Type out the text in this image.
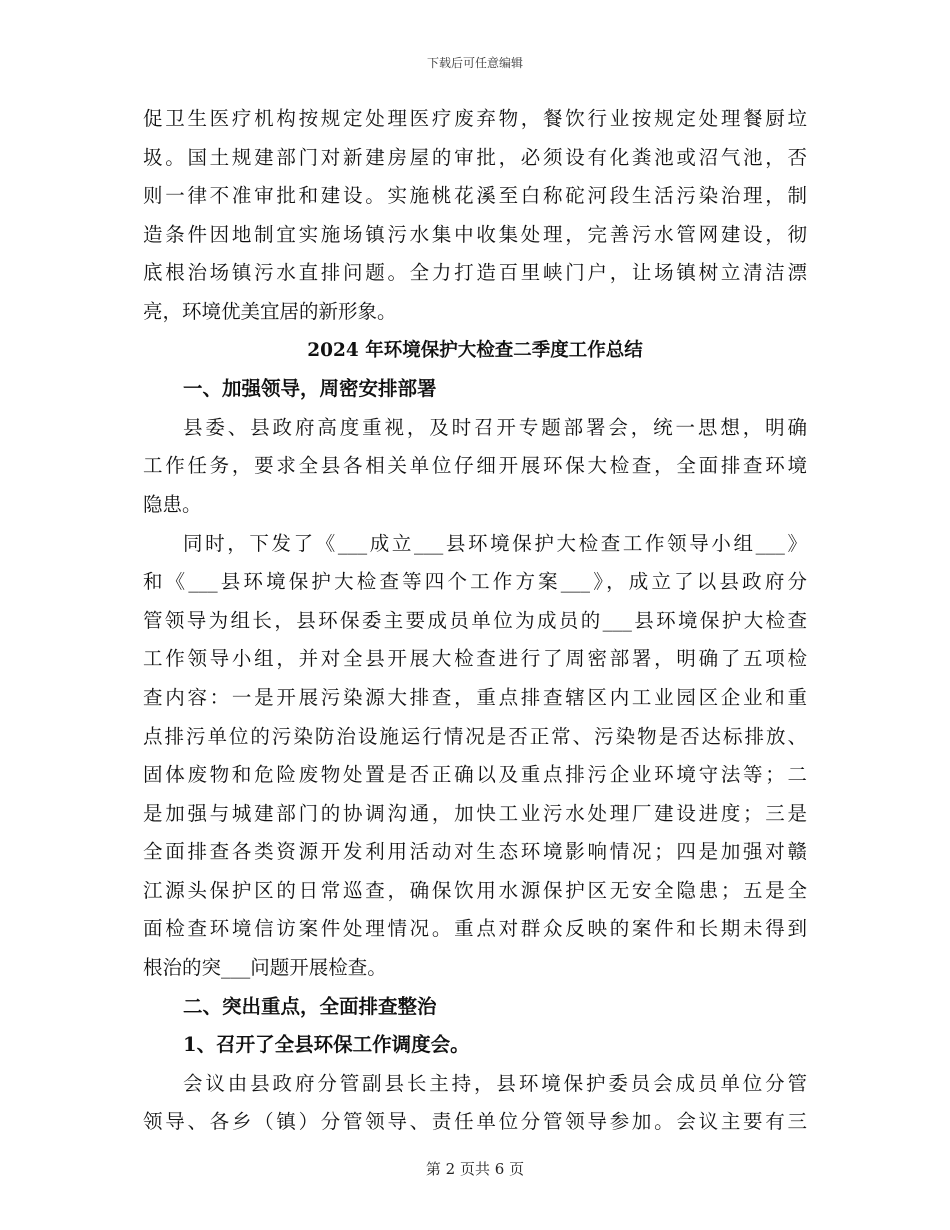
下载后可任意编辑
促卫生医疗机构按规定处理医疗废弃物，餐饮行业按规定处理餐厨垃
圾。国土规建部门对新建房屋的审批，必须设有化粪池或沼气池，否
则一律不准审批和建设。实施桃花溪至白称砣河段生活污染治理，制
造条件因地制宜实施场镇污水集中收集处理，完善污水管网建设，彻
底根治场镇污水直排问题。全力打造百里峡门户，让场镇树立清洁漂
亮，环境优美宜居的新形象。
2024 年环境保护大检查二季度工作总结
一、加强领导，周密安排部署
县委、县政府高度重视，及时召开专题部署会，统一思想，明确
工作任务，要求全县各相关单位仔细开展环保大检查，全面排查环境
隐患。
同时，下发了《___成立___县环境保护大检查工作领导小组___》
和《___县环境保护大检查等四个工作方案___》，成立了以县政府分
管领导为组长，县环保委主要成员单位为成员的___县环境保护大检查
工作领导小组，并对全县开展大检查进行了周密部署，明确了五项检
查内容：一是开展污染源大排查，重点排查辖区内工业园区企业和重
点排污单位的污染防治设施运行情况是否正常、污染物是否达标排放、
固体废物和危险废物处置是否正确以及重点排污企业环境守法等；二
是加强与城建部门的协调沟通，加快工业污水处理厂建设进度；三是
全面排查各类资源开发利用活动对生态环境影响情况；四是加强对赣
江源头保护区的日常巡查，确保饮用水源保护区无安全隐患；五是全
面检查环境信访案件处理情况。重点对群众反映的案件和长期未得到
根治的突___问题开展检查。
二、突出重点，全面排查整治
1、召开了全县环保工作调度会。
会议由县政府分管副县长主持，县环境保护委员会成员单位分管
领导、各乡（镇）分管领导、责任单位分管领导参加。会议主要有三
第 2 页共 6 页
